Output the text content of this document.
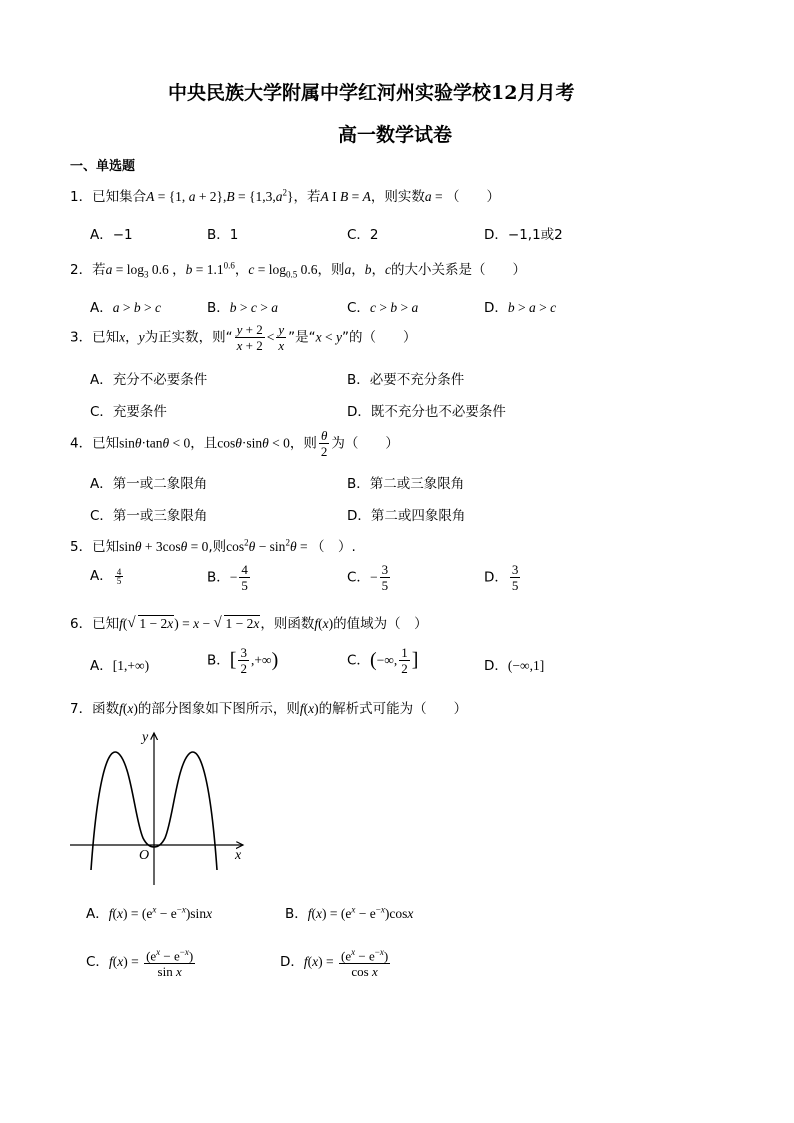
中央民族大学附属中学红河州实验学校12月月考
高一数学试卷
一、单选题
1．已知集合A = {1, $a + 2\},B = \{1,3,a^2\}$，若A I B = A，则实数a = （　　）
A．−1	B．1	C．2	D．−1,1或2
2．若$a = \log_3 0.6$ ，$b = 1.1^{0.6}$，$c = \log_{0.5} 0.6$，则a，b，c的大小关系是（　　）
A．a > b > c	B．b > c > a	C．c > b > a	D．b > a > c
3．已知x，y为正实数，则“ $\frac{y + 2}{x + 2} < \frac{y}{x}$ ”是“x < y”的（　　）
A．充分不必要条件	B．必要不充分条件
C．充要条件	D．既不充分也不必要条件
4．已知sinθ·tanθ < 0，且cosθ·sinθ < 0，则 $\frac{\theta}{2}$ 为（　　）
A．第一或二象限角	B．第二或三象限角
C．第一或三象限角	D．第二或四象限角
5．已知sinθ + 3cosθ = 0,则$\cos^2\theta - \sin^2\theta$ = （　）.
A． $\frac{4}{5}$	B．− $\frac{4}{5}$	C．− $\frac{3}{5}$	D． $\frac{3}{5}$
6．已知f(√ 1 − 2x) = x − √ 1 − 2x，则函数f(x)的值域为（　）
A．[1,+∞)	B．[ $\frac{3}{2}$ ,+∞)	C．(−∞, $\frac{1}{2}$ ]	D．(−∞,1]
7．函数f(x)的部分图象如下图所示，则f(x)的解析式可能为（　　）
y
x
O
A．$f(x) = (e^x - e^{-x})\sin x$	B．$f(x) = (e^x - e^{-x})\cos x$
C．$f(x) = \frac{(e^x - e^{-x})}{\text{sin x}}$	D．$f(x) = \frac{(e^x - e^{-x})}{\text{cos x}}$
